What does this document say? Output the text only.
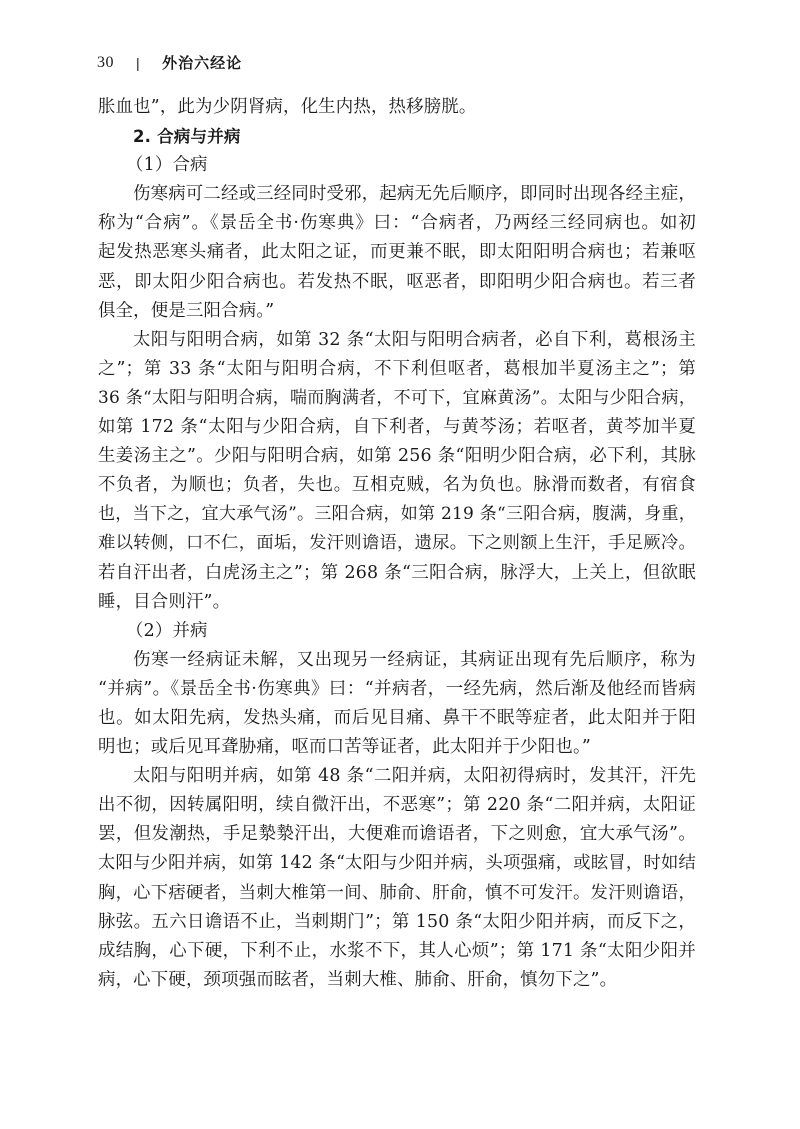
30 | 外治六经论
胀血也”，此为少阴肾病，化生内热，热移膀胱。
2. 合病与并病
（1）合病
伤寒病可二经或三经同时受邪，起病无先后顺序，即同时出现各经主症，
称为“合病”。《景岳全书·伤寒典》曰：“合病者，乃两经三经同病也。如初
起发热恶寒头痛者，此太阳之证，而更兼不眠，即太阳阳明合病也；若兼呕
恶，即太阳少阳合病也。若发热不眠，呕恶者，即阳明少阳合病也。若三者
俱全，便是三阳合病。”
太阳与阳明合病，如第 32 条“太阳与阳明合病者，必自下利，葛根汤主
之”；第 33 条“太阳与阳明合病，不下利但呕者，葛根加半夏汤主之”；第
36 条“太阳与阳明合病，喘而胸满者，不可下，宜麻黄汤”。太阳与少阳合病，
如第 172 条“太阳与少阳合病，自下利者，与黄芩汤；若呕者，黄芩加半夏
生姜汤主之”。少阳与阳明合病，如第 256 条“阳明少阳合病，必下利，其脉
不负者，为顺也；负者，失也。互相克贼，名为负也。脉滑而数者，有宿食
也，当下之，宜大承气汤”。三阳合病，如第 219 条“三阳合病，腹满，身重，
难以转侧，口不仁，面垢，发汗则谵语，遗尿。下之则额上生汗，手足厥冷。
若自汗出者，白虎汤主之”；第 268 条“三阳合病，脉浮大，上关上，但欲眠
睡，目合则汗”。
（2）并病
伤寒一经病证未解，又出现另一经病证，其病证出现有先后顺序，称为
“并病”。《景岳全书·伤寒典》曰：“并病者，一经先病，然后渐及他经而皆病
也。如太阳先病，发热头痛，而后见目痛、鼻干不眠等症者，此太阳并于阳
明也；或后见耳聋胁痛，呕而口苦等证者，此太阳并于少阳也。”
太阳与阳明并病，如第 48 条“二阳并病，太阳初得病时，发其汗，汗先
出不彻，因转属阳明，续自微汗出，不恶寒”；第 220 条“二阳并病，太阳证
罢，但发潮热，手足漐漐汗出，大便难而谵语者，下之则愈，宜大承气汤”。
太阳与少阳并病，如第 142 条“太阳与少阳并病，头项强痛，或眩冒，时如结
胸，心下痞硬者，当刺大椎第一间、肺俞、肝俞，慎不可发汗。发汗则谵语，
脉弦。五六日谵语不止，当刺期门”；第 150 条“太阳少阳并病，而反下之，
成结胸，心下硬，下利不止，水浆不下，其人心烦”；第 171 条“太阳少阳并
病，心下硬，颈项强而眩者，当刺大椎、肺俞、肝俞，慎勿下之”。
